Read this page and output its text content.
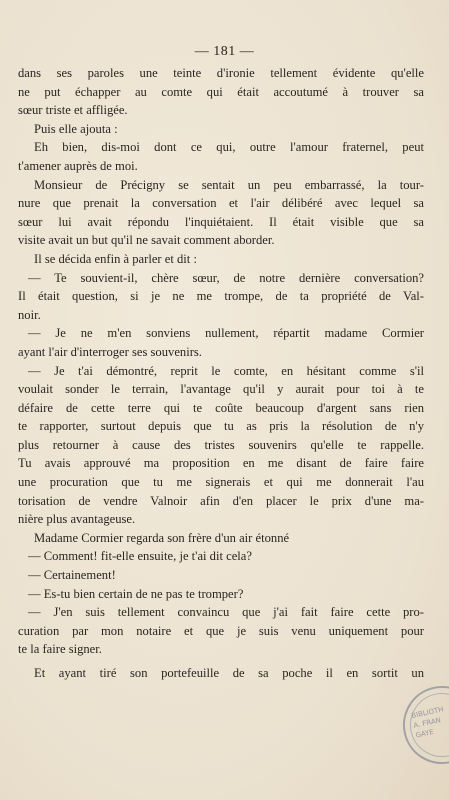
— 181 —
dans ses paroles une teinte d'ironie tellement évidente qu'elle
ne put échapper au comte qui était accoutumé à trouver sa
sœur triste et affligée.
Puis elle ajouta :
Eh bien, dis-moi dont ce qui, outre l'amour fraternel, peut
t'amener auprès de moi.
Monsieur de Précigny se sentait un peu embarrassé, la tour-
nure que prenait la conversation et l'air délibéré avec lequel sa
sœur lui avait répondu l'inquiétaient. Il était visible que sa
visite avait un but qu'il ne savait comment aborder.
Il se décida enfin à parler et dit :
— Te souvient-il, chère sœur, de notre dernière conversation?
Il était question, si je ne me trompe, de ta propriété de Val-
noir.
— Je ne m'en sonviens nullement, répartit madame Cormier
ayant l'air d'interroger ses souvenirs.
— Je t'ai démontré, reprit le comte, en hésitant comme s'il
voulait sonder le terrain, l'avantage qu'il y aurait pour toi à te
défaire de cette terre qui te coûte beaucoup d'argent sans rien
te rapporter, surtout depuis que tu as pris la résolution de n'y
plus retourner à cause des tristes souvenirs qu'elle te rappelle.
Tu avais approuvé ma proposition en me disant de faire faire
une procuration que tu me signerais et qui me donnerait l'au
torisation de vendre Valnoir afin d'en placer le prix d'une ma-
nière plus avantageuse.
Madame Cormier regarda son frère d'un air étonné
— Comment! fit-elle ensuite, je t'ai dit cela?
— Certainement!
— Es-tu bien certain de ne pas te tromper?
— J'en suis tellement convaincu que j'ai fait faire cette pro-
curation par mon notaire et que je suis venu uniquement pour
te la faire signer.
Et ayant tiré son portefeuille de sa poche il en sortit un
BIBLIOTH
A. FRAN
GAYE
